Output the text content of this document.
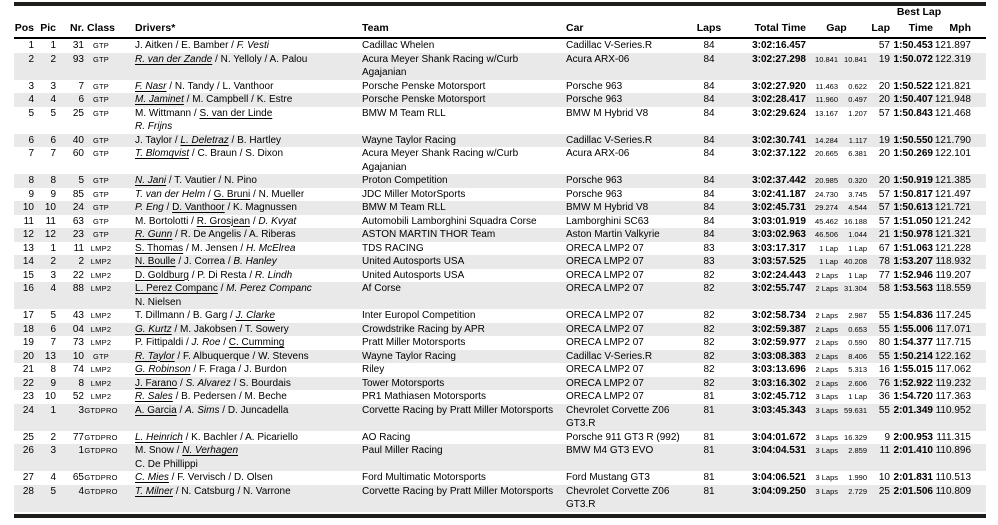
											Best Lap			
Pos	Pic	Nr.	Class	Drivers*	Team	Car	Laps	Total Time	Gap		Lap	Time	Mph	
1	1	31	GTP	J. Aitken / E. Bamber / F. Vesti	Cadillac Whelen	Cadillac V-Series.R	84	3:02:16.457			57	1:50.453	121.897	
2	2	93	GTP	R. van der Zande / N. Yelloly / A. Palou	Acura Meyer Shank Racing w/Curb
Agajanian	Acura ARX-06	84	3:02:27.298	10.841	10.841	19	1:50.072	122.319	
3	3	7	GTP	F. Nasr / N. Tandy / L. Vanthoor	Porsche Penske Motorsport	Porsche 963	84	3:02:27.920	11.463	0.622	20	1:50.522	121.821	
4	4	6	GTP	M. Jaminet / M. Campbell / K. Estre	Porsche Penske Motorsport	Porsche 963	84	3:02:28.417	11.960	0.497	20	1:50.407	121.948	
5	5	25	GTP	M. Wittmann / S. van der Linde
R. Frijns	BMW M Team RLL	BMW M Hybrid V8	84	3:02:29.624	13.167	1.207	57	1:50.843	121.468	
6	6	40	GTP	J. Taylor / L. Deletraz / B. Hartley	Wayne Taylor Racing	Cadillac V-Series.R	84	3:02:30.741	14.284	1.117	19	1:50.550	121.790	
7	7	60	GTP	T. Blomqvist / C. Braun / S. Dixon	Acura Meyer Shank Racing w/Curb
Agajanian	Acura ARX-06	84	3:02:37.122	20.665	6.381	20	1:50.269	122.101	
8	8	5	GTP	N. Jani / T. Vautier / N. Pino	Proton Competition	Porsche 963	84	3:02:37.442	20.985	0.320	20	1:50.919	121.385	
9	9	85	GTP	T. van der Helm / G. Bruni / N. Mueller	JDC Miller MotorSports	Porsche 963	84	3:02:41.187	24.730	3.745	57	1:50.817	121.497	
10	10	24	GTP	P. Eng / D. Vanthoor / K. Magnussen	BMW M Team RLL	BMW M Hybrid V8	84	3:02:45.731	29.274	4.544	57	1:50.613	121.721	
11	11	63	GTP	M. Bortolotti / R. Grosjean / D. Kvyat	Automobili Lamborghini Squadra Corse	Lamborghini SC63	84	3:03:01.919	45.462	16.188	57	1:51.050	121.242	
12	12	23	GTP	R. Gunn / R. De Angelis / A. Riberas	ASTON MARTIN THOR Team	Aston Martin Valkyrie	84	3:03:02.963	46.506	1.044	21	1:50.978	121.321	
13	1	11	LMP2	S. Thomas / M. Jensen / H. McElrea	TDS RACING	ORECA LMP2 07	83	3:03:17.317	1 Lap	1 Lap	67	1:51.063	121.228	
14	2	2	LMP2	N. Boulle / J. Correa / B. Hanley	United Autosports USA	ORECA LMP2 07	83	3:03:57.525	1 Lap	40.208	78	1:53.207	118.932	
15	3	22	LMP2	D. Goldburg / P. Di Resta / R. Lindh	United Autosports USA	ORECA LMP2 07	82	3:02:24.443	2 Laps	1 Lap	77	1:52.946	119.207	
16	4	88	LMP2	L. Perez Companc / M. Perez Companc
N. Nielsen	Af Corse	ORECA LMP2 07	82	3:02:55.747	2 Laps	31.304	58	1:53.563	118.559	
17	5	43	LMP2	T. Dillmann / B. Garg / J. Clarke	Inter Europol Competition	ORECA LMP2 07	82	3:02:58.734	2 Laps	2.987	55	1:54.836	117.245	
18	6	04	LMP2	G. Kurtz / M. Jakobsen / T. Sowery	Crowdstrike Racing by APR	ORECA LMP2 07	82	3:02:59.387	2 Laps	0.653	55	1:55.006	117.071	
19	7	73	LMP2	P. Fittipaldi / J. Roe / C. Cumming	Pratt Miller Motorsports	ORECA LMP2 07	82	3:02:59.977	2 Laps	0.590	80	1:54.377	117.715	
20	13	10	GTP	R. Taylor / F. Albuquerque / W. Stevens	Wayne Taylor Racing	Cadillac V-Series.R	82	3:03:08.383	2 Laps	8.406	55	1:50.214	122.162	
21	8	74	LMP2	G. Robinson / F. Fraga / J. Burdon	Riley	ORECA LMP2 07	82	3:03:13.696	2 Laps	5.313	16	1:55.015	117.062	
22	9	8	LMP2	J. Farano / S. Alvarez / S. Bourdais	Tower Motorsports	ORECA LMP2 07	82	3:03:16.302	2 Laps	2.606	76	1:52.922	119.232	
23	10	52	LMP2	R. Sales / B. Pedersen / M. Beche	PR1 Mathiasen Motorsports	ORECA LMP2 07	81	3:02:45.712	3 Laps	1 Lap	36	1:54.720	117.363	
24	1	3	GTDPRO	A. Garcia / A. Sims / D. Juncadella	Corvette Racing by Pratt Miller Motorsports	Chevrolet Corvette Z06
GT3.R	81	3:03:45.343	3 Laps	59.631	55	2:01.349	110.952	
25	2	77	GTDPRO	L. Heinrich / K. Bachler / A. Picariello	AO Racing	Porsche 911 GT3 R (992)	81	3:04:01.672	3 Laps	16.329	9	2:00.953	111.315	
26	3	1	GTDPRO	M. Snow / N. Verhagen
C. De Phillippi	Paul Miller Racing	BMW M4 GT3 EVO	81	3:04:04.531	3 Laps	2.859	11	2:01.410	110.896	
27	4	65	GTDPRO	C. Mies / F. Vervisch / D. Olsen	Ford Multimatic Motorsports	Ford Mustang GT3	81	3:04:06.521	3 Laps	1.990	10	2:01.831	110.513	
28	5	4	GTDPRO	T. Milner / N. Catsburg / N. Varrone	Corvette Racing by Pratt Miller Motorsports	Chevrolet Corvette Z06
GT3.R	81	3:04:09.250	3 Laps	2.729	25	2:01.506	110.809	
